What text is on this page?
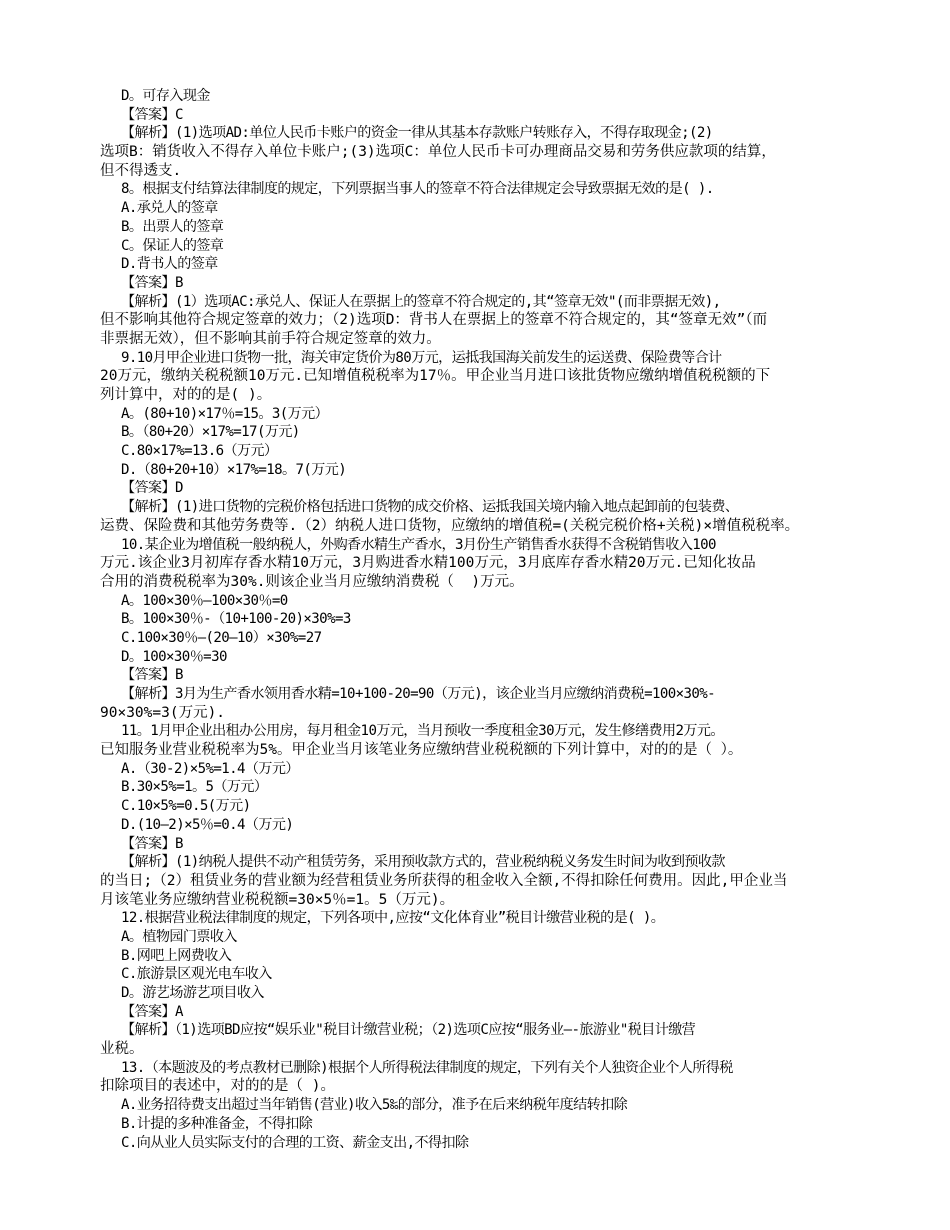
D。可存入现金
【答案】C
【解析】(1)选项AD:单位人民币卡账户的资金一律从其基本存款账户转账存入，不得存取现金;(2)
选项B：销货收入不得存入单位卡账户;(3)选项C：单位人民币卡可办理商品交易和劳务供应款项的结算，
但不得透支.
8。根据支付结算法律制度的规定，下列票据当事人的签章不符合法律规定会导致票据无效的是( ).
A.承兑人的签章
B。出票人的签章
C。保证人的签章
D.背书人的签章
【答案】B
【解析】(1）选项AC:承兑人、保证人在票据上的签章不符合规定的,其“签章无效"(而非票据无效),
但不影响其他符合规定签章的效力；（2)选项D：背书人在票据上的签章不符合规定的，其“签章无效”（而
非票据无效），但不影响其前手符合规定签章的效力。
9.10月甲企业进口货物一批，海关审定货价为80万元，运抵我国海关前发生的运送费、保险费等合计
20万元，缴纳关税税额10万元.已知增值税税率为17％。甲企业当月进口该批货物应缴纳增值税税额的下
列计算中，对的的是( )。
A。(80+10)×17％=15。3(万元）
B。（80+20）×17%=17(万元)
C.80×17%=13.6（万元）
D.（80+20+10）×17%=18。7(万元)
【答案】D
【解析】(1)进口货物的完税价格包括进口货物的成交价格、运抵我国关境内输入地点起卸前的包装费、
运费、保险费和其他劳务费等.（2）纳税人进口货物，应缴纳的增值税=(关税完税价格+关税)×增值税税率。
10.某企业为增值税一般纳税人，外购香水精生产香水，3月份生产销售香水获得不含税销售收入100
万元.该企业3月初库存香水精10万元，3月购进香水精100万元，3月底库存香水精20万元.已知化妆品
合用的消费税税率为30%.则该企业当月应缴纳消费税（  )万元。
A。100×30％—100×30％=0
B。100×30％-（10+100-20)×30%=3
C.100×30％—(20—10）×30%=27
D。100×30％=30
【答案】B
【解析】3月为生产香水领用香水精=10+100-20=90（万元)，该企业当月应缴纳消费税=100×30%-
90×30%=3(万元).
11。1月甲企业出租办公用房，每月租金10万元，当月预收一季度租金30万元，发生修缮费用2万元。
已知服务业营业税税率为5%。甲企业当月该笔业务应缴纳营业税税额的下列计算中，对的的是（ ）。
A.（30-2)×5%=1.4（万元）
B.30×5%=1。5（万元）
C.10×5%=0.5(万元)
D.(10—2)×5％=0.4（万元)
【答案】B
【解析】(1)纳税人提供不动产租赁劳务，采用预收款方式的，营业税纳税义务发生时间为收到预收款
的当日;（2）租赁业务的营业额为经营租赁业务所获得的租金收入全额,不得扣除任何费用。因此,甲企业当
月该笔业务应缴纳营业税税额=30×5％=1。5（万元)。
12.根据营业税法律制度的规定，下列各项中,应按“文化体育业”税目计缴营业税的是( )。
A。植物园门票收入
B.网吧上网费收入
C.旅游景区观光电车收入
D。游艺场游艺项目收入
【答案】A
【解析】（1)选项BD应按“娱乐业"税目计缴营业税；（2)选项C应按“服务业—-旅游业"税目计缴营
业税。
13.（本题波及的考点教材已删除)根据个人所得税法律制度的规定，下列有关个人独资企业个人所得税
扣除项目的表述中，对的的是（ )。
A.业务招待费支出超过当年销售(营业)收入5‰的部分，准予在后来纳税年度结转扣除
B.计提的多种准备金，不得扣除
C.向从业人员实际支付的合理的工资、薪金支出,不得扣除
